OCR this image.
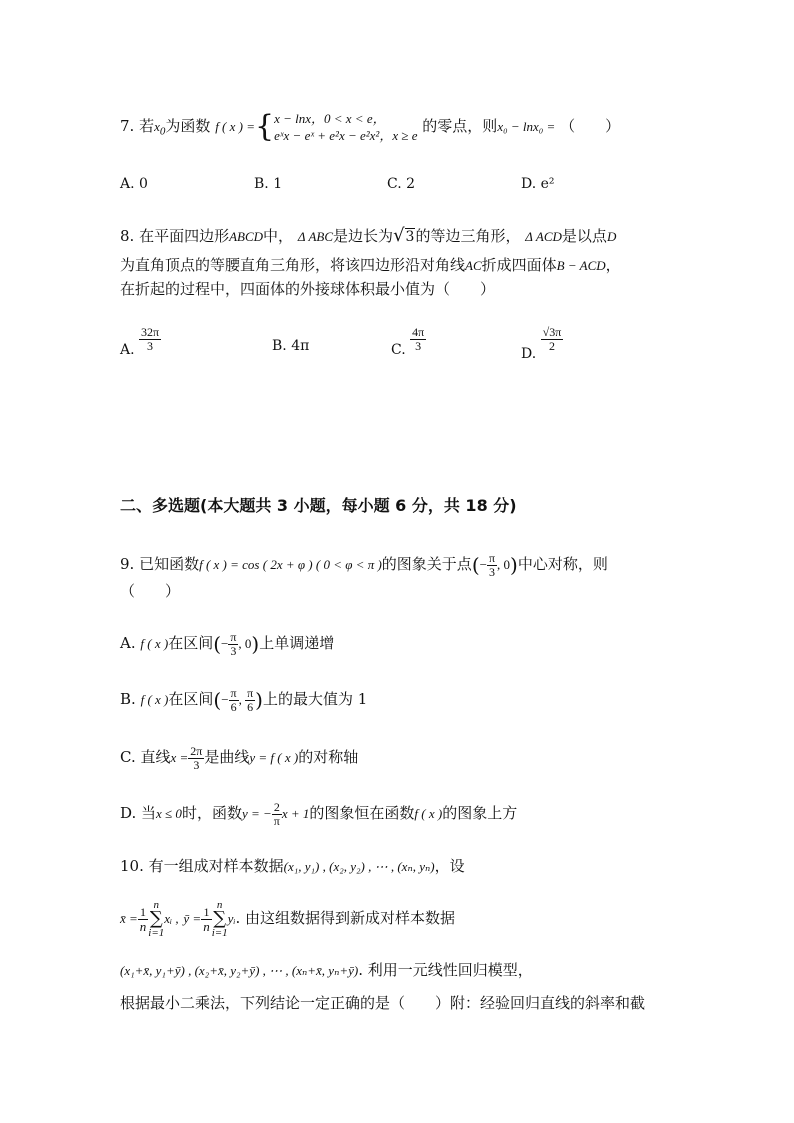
7. 若$x_0$为函数 f ( x ) ={ x − lnx，0 < x < e，
eˣx − eˣ + e²x − e²x²，x ≥ e
的零点，则x₀ − lnx₀ = （　　）
A. 0	B. 1	C. 2	D. e²
8. 在平面四边形ABCD中， Δ ABC是边长为√3的等边三角形， Δ ACD是以点D
为直角顶点的等腰直角三角形，将该四边形沿对角线AC折成四面体B − ACD，
在折起的过程中，四面体的外接球体积最小值为（　　）
A. $\frac{32\pi}{3}$	B. 4π	C. $\frac{4\pi}{3}$
D.
$\frac{√3\pi}{2}$
二、多选题(本大题共 3 小题，每小题 6 分，共 18 分)
9. 已知函数f ( x ) = cos ( 2x + φ ) ( 0 < φ < π )的图象关于点(− $\frac{\pi}{3}$ , 0)中心对称，则
（　　）
A. f ( x )在区间(− $\frac{\pi}{3}$ , 0)上单调递增
B. f ( x )在区间(− $\frac{\pi}{6}$ , $\frac{\pi}{6}$ )上的最大值为 1
C. 直线$x = \frac{2\pi}{3}$ 是曲线y = f ( x )的对称轴
D. 当x ≤ 0时，函数y = − $\frac{2}{\pi}$ x + 1的图象恒在函数f ( x )的图象上方
10. 有一组成对样本数据(x₁, y₁) , (x₂, y₂) , ⋯ , (xₙ, yₙ)，设
x̄ = $\frac{1}{n}$
n
∑
i=1
xᵢ , ȳ = $\frac{1}{n}$
n
∑
i=1
yᵢ. 由这组数据得到新成对样本数据
(x₁+x̄, y₁+ȳ) , (x₂+x̄, y₂+ȳ) , ⋯ , (xₙ+x̄, yₙ+ȳ). 利用一元线性回归模型，
根据最小二乘法，下列结论一定正确的是（　　）附：经验回归直线的斜率和截
